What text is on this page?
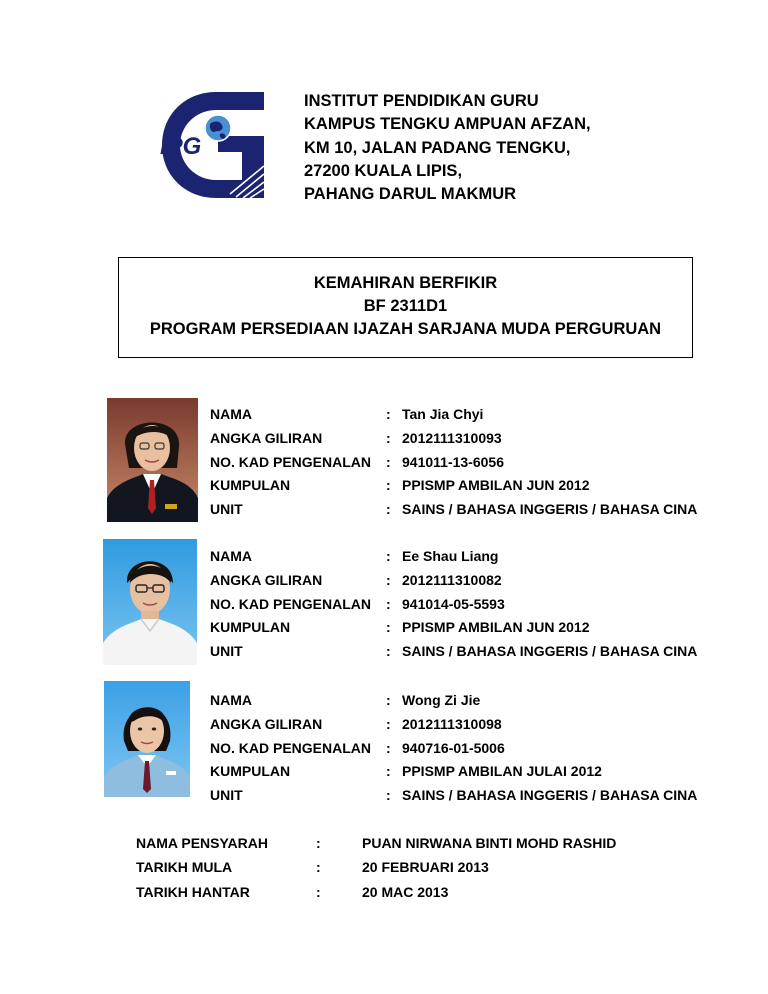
iPG
INSTITUT PENDIDIKAN GURU
KAMPUS TENGKU AMPUAN AFZAN,
KM 10, JALAN PADANG TENGKU,
27200 KUALA LIPIS,
PAHANG DARUL MAKMUR
KEMAHIRAN BERFIKIR
BF 2311D1
PROGRAM PERSEDIAAN IJAZAH SARJANA MUDA PERGURUAN
NAMA	: Tan Jia Chyi
ANGKA GILIRAN	: 2012111310093
NO. KAD PENGENALAN : 941011-13-6056
KUMPULAN	: PPISMP AMBILAN JUN 2012
UNIT	: SAINS / BAHASA INGGERIS / BAHASA CINA
NAMA	: Ee Shau Liang
ANGKA GILIRAN	: 2012111310082
NO. KAD PENGENALAN : 941014-05-5593
KUMPULAN	: PPISMP AMBILAN JUN 2012
UNIT	: SAINS / BAHASA INGGERIS / BAHASA CINA
NAMA	: Wong Zi Jie
ANGKA GILIRAN	: 2012111310098
NO. KAD PENGENALAN : 940716-01-5006
KUMPULAN	: PPISMP AMBILAN JULAI 2012
UNIT	: SAINS / BAHASA INGGERIS / BAHASA CINA
NAMA PENSYARAH	:	PUAN NIRWANA BINTI MOHD RASHID
TARIKH MULA	:	20 FEBRUARI 2013
TARIKH HANTAR	:	20 MAC 2013
